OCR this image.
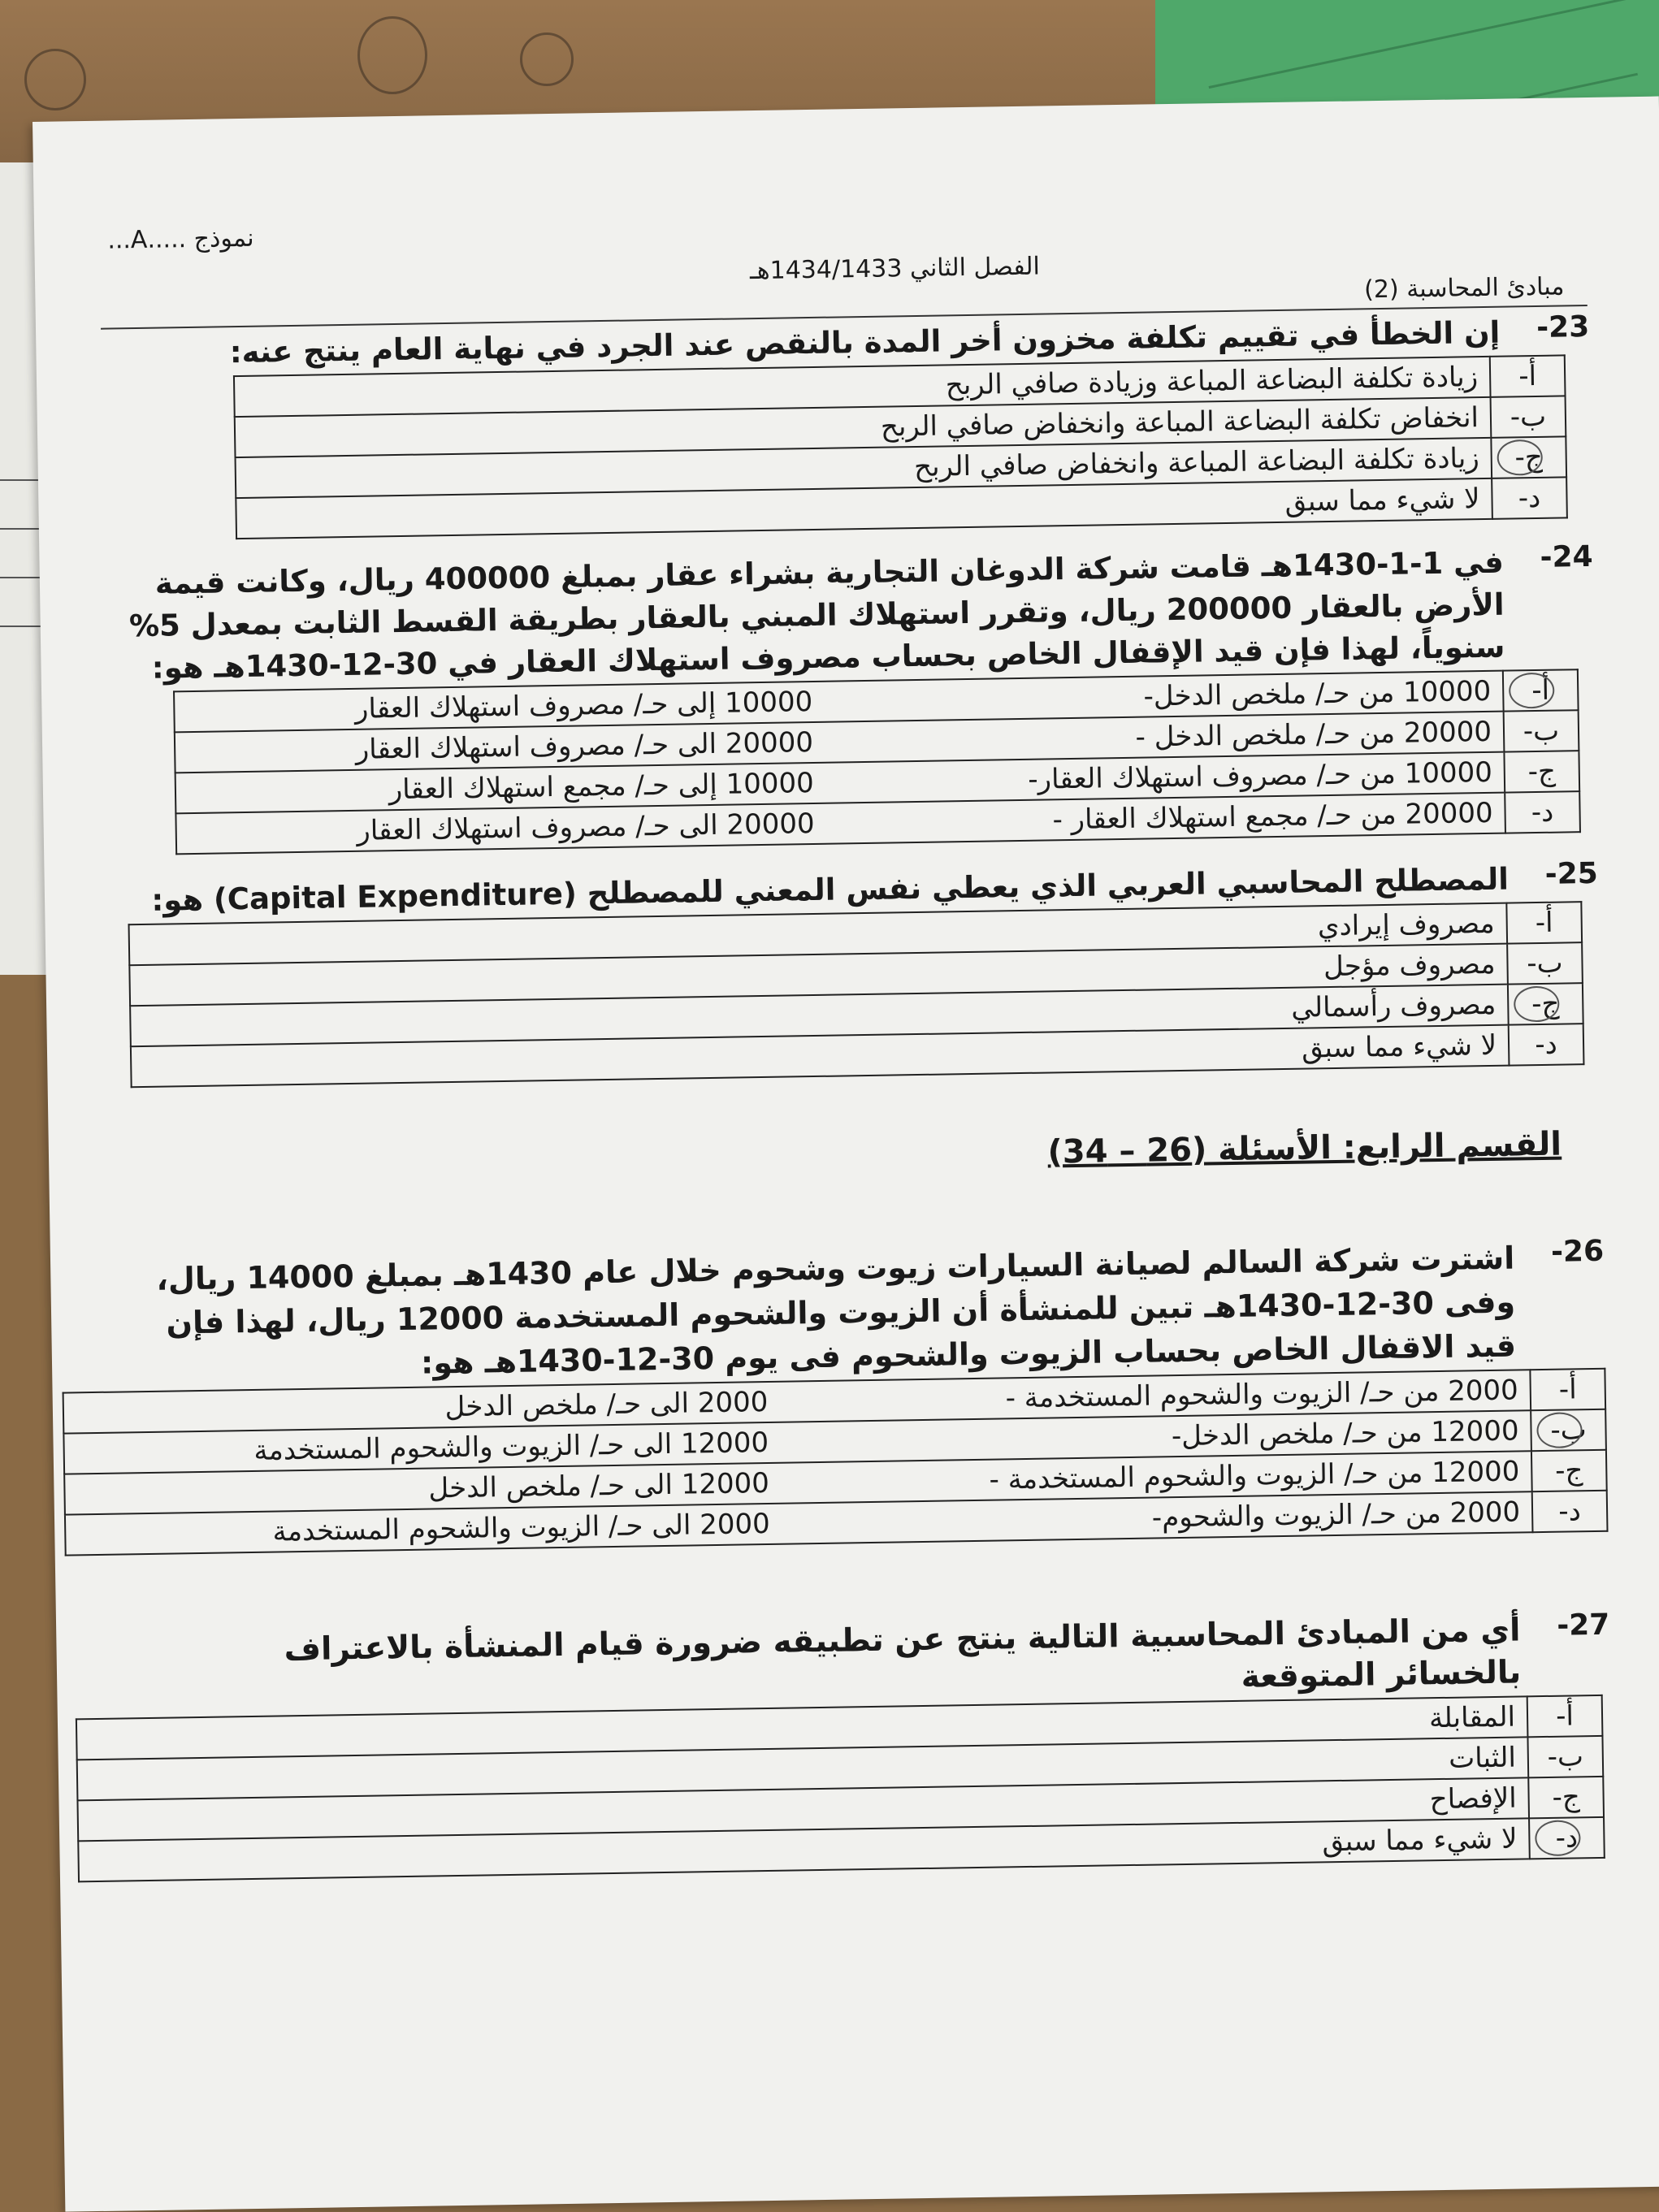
نموذج .....A...
الفصل الثاني 1434/1433هـ
مبادئ المحاسبة (2)
-23
إن الخطأ في تقييم تكلفة مخزون أخر المدة بالنقص عند الجرد في نهاية العام ينتج عنه:
أ-	زيادة تكلفة البضاعة المباعة وزيادة صافي الربح
ب-	انخفاض تكلفة البضاعة المباعة وانخفاض صافي الربح
ج-	زيادة تكلفة البضاعة المباعة وانخفاض صافي الربح
د-	لا شيء مما سبق
-24
في 1-1-1430هـ قامت شركة الدوغان التجارية بشراء عقار بمبلغ 400000 ريال، وكانت قيمة الأرض بالعقار 200000 ريال، وتقرر استهلاك المبني بالعقار بطريقة القسط الثابت بمعدل 5% سنوياً، لهذا فإن قيد الإقفال الخاص بحساب مصروف استهلاك العقار في 30-12-1430هـ هو:
أ-	10000 من حـ/ ملخص الدخل-
10000 إلى حـ/ مصروف استهلاك العقار

ب-	20000 من حـ/ ملخص الدخل -
20000 الى حـ/ مصروف استهلاك العقار

ج-	10000 من حـ/ مصروف استهلاك العقار-
10000 إلى حـ/ مجمع استهلاك العقار

د-	20000 من حـ/ مجمع استهلاك العقار -
20000 الى حـ/ مصروف استهلاك العقار
-25
المصطلح المحاسبي العربي الذي يعطي نفس المعني للمصطلح (Capital Expenditure) هو:
أ-	مصروف إيرادي
ب-	مصروف مؤجل
ج-	مصروف رأسمالي
د-	لا شيء مما سبق
القسم الرابع: الأسئلة (26 – 34)
-26
اشترت شركة السالم لصيانة السيارات زيوت وشحوم خلال عام 1430هـ بمبلغ 14000 ريال، وفى 30-12-1430هـ تبين للمنشأة أن الزيوت والشحوم المستخدمة 12000 ريال، لهذا فإن قيد الاقفال الخاص بحساب الزيوت والشحوم فى يوم 30-12-1430هـ هو:
أ-	2000 من حـ/ الزيوت والشحوم المستخدمة -
2000 الى حـ/ ملخص الدخل

ب-	12000 من حـ/ ملخص الدخل-
12000 الى حـ/ الزيوت والشحوم المستخدمة

ج-	12000 من حـ/ الزيوت والشحوم المستخدمة -
12000 الى حـ/ ملخص الدخل

د-	2000 من حـ/ الزيوت والشحوم-
2000 الى حـ/ الزيوت والشحوم المستخدمة
-27
أي من المبادئ المحاسبية التالية ينتج عن تطبيقه ضرورة قيام المنشأة بالاعتراف بالخسائر المتوقعة
أ-	المقابلة
ب-	الثبات
ج-	الإفصاح
د-	لا شيء مما سبق
